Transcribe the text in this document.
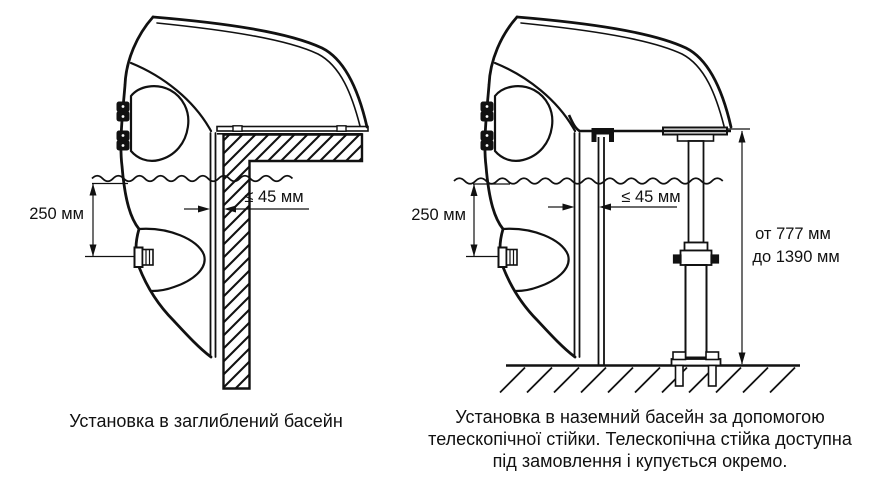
250 мм
≤ 45 мм
Установка в заглиблений басейн
250 мм
≤ 45 мм
от 777 мм
до 1390 мм
Установка в наземний басейн за допомогою
телескопічної стійки. Телескопічна стійка доступна
під замовлення і купується окремо.
